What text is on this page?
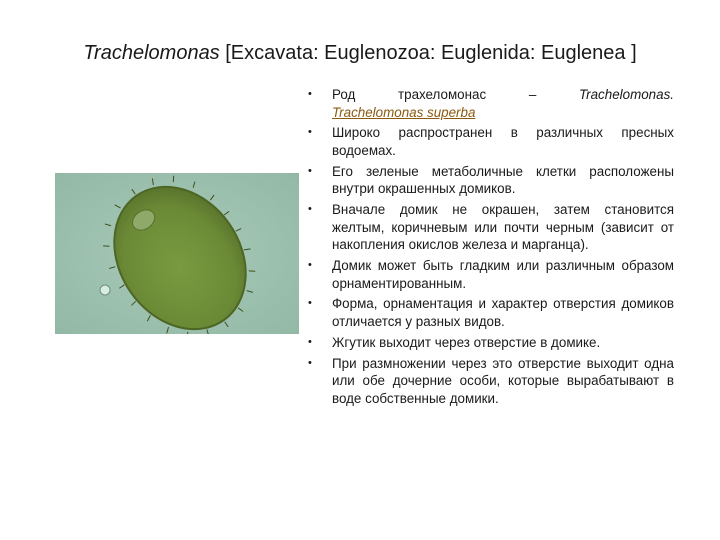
Trachelomonas [Excavata: Euglenozoa: Euglenida: Euglenea ]
• Род	трахеломонас	–	Trachelomonas.
Trachelomonas superba
• Широко распространен в различных пресных водоемах.
• Его зеленые метаболичные клетки расположены внутри окрашенных домиков.
• Вначале домик не окрашен, затем становится желтым, коричневым или почти черным (зависит от накопления окислов железа и марганца).
• Домик может быть гладким или различным образом орнаментированным.
• Форма, орнаментация и характер отверстия домиков отличается у разных видов.
• Жгутик выходит через отверстие в домике.
• При размножении через это отверстие выходит одна или обе дочерние особи, которые вырабатывают в воде собственные домики.
